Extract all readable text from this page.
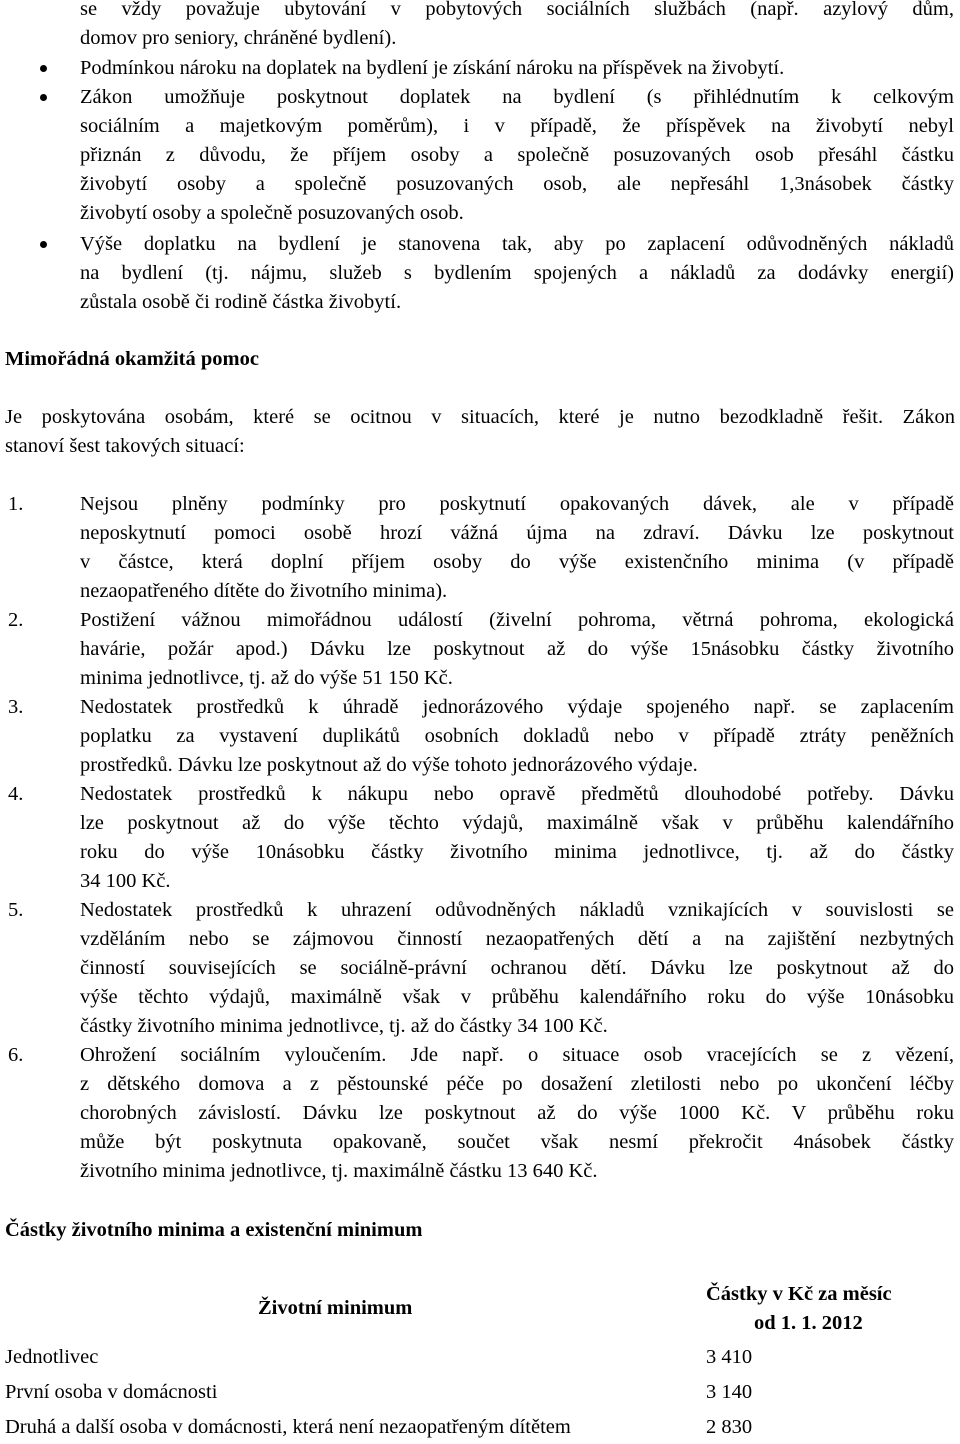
se vždy považuje ubytování v pobytových sociálních službách (např. azylový dům,
domov pro seniory, chráněné bydlení).
Podmínkou nároku na doplatek na bydlení je získání nároku na příspěvek na živobytí.
Zákon umožňuje poskytnout doplatek na bydlení (s přihlédnutím k celkovým
sociálním a majetkovým poměrům), i v případě, že příspěvek na živobytí nebyl
přiznán z důvodu, že příjem osoby a společně posuzovaných osob přesáhl částku
živobytí osoby a společně posuzovaných osob, ale nepřesáhl 1,3násobek částky
živobytí osoby a společně posuzovaných osob.
Výše doplatku na bydlení je stanovena tak, aby po zaplacení odůvodněných nákladů
na bydlení (tj. nájmu, služeb s bydlením spojených a nákladů za dodávky energií)
zůstala osobě či rodině částka živobytí.
Mimořádná okamžitá pomoc
Je poskytována osobám, které se ocitnou v situacích, které je nutno bezodkladně řešit. Zákon
stanoví šest takových situací:
1.	Nejsou plněny podmínky pro poskytnutí opakovaných dávek, ale v případě
neposkytnutí pomoci osobě hrozí vážná újma na zdraví. Dávku lze poskytnout
v částce, která doplní příjem osoby do výše existenčního minima (v případě
nezaopatřeného dítěte do životního minima).
2.	Postižení vážnou mimořádnou událostí (živelní pohroma, větrná pohroma, ekologická
havárie, požár apod.) Dávku lze poskytnout až do výše 15násobku částky životního
minima jednotlivce, tj. až do výše 51 150 Kč.
3.	Nedostatek prostředků k úhradě jednorázového výdaje spojeného např. se zaplacením
poplatku za vystavení duplikátů osobních dokladů nebo v případě ztráty peněžních
prostředků. Dávku lze poskytnout až do výše tohoto jednorázového výdaje.
4.	Nedostatek prostředků k nákupu nebo opravě předmětů dlouhodobé potřeby. Dávku
lze poskytnout až do výše těchto výdajů, maximálně však v průběhu kalendářního
roku do výše 10násobku částky životního minima jednotlivce, tj. až do částky
34 100 Kč.
5.	Nedostatek prostředků k uhrazení odůvodněných nákladů vznikajících v souvislosti se
vzděláním nebo se zájmovou činností nezaopatřených dětí a na zajištění nezbytných
činností souvisejících se sociálně-právní ochranou dětí. Dávku lze poskytnout až do
výše těchto výdajů, maximálně však v průběhu kalendářního roku do výše 10násobku
částky životního minima jednotlivce, tj. až do částky 34 100 Kč.
6.	Ohrožení sociálním vyloučením. Jde např. o situace osob vracejících se z vězení,
z dětského domova a z pěstounské péče po dosažení zletilosti nebo po ukončení léčby
chorobných závislostí. Dávku lze poskytnout až do výše 1000 Kč. V průběhu roku
může být poskytnuta opakovaně, součet však nesmí překročit 4násobek částky
životního minima jednotlivce, tj. maximálně částku 13 640 Kč.
Částky životního minima a existenční minimum
Životní minimum
Částky v Kč za měsíc
od 1. 1. 2012
Jednotlivec	3 410
První osoba v domácnosti	3 140
Druhá a další osoba v domácnosti, která není nezaopatřeným dítětem	2 830
